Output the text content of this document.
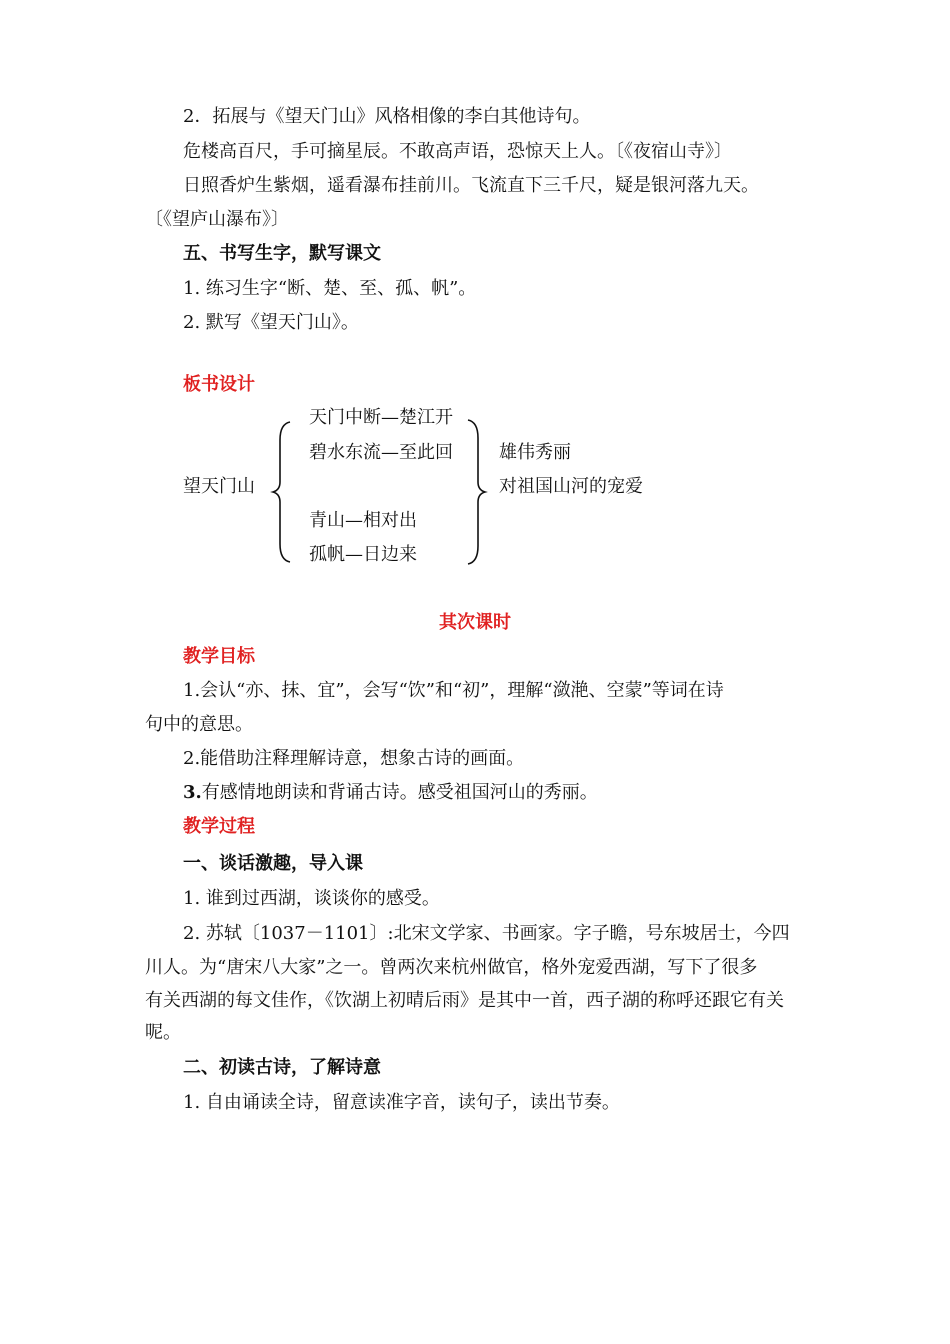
2．拓展与《望天门山》风格相像的李白其他诗句。
危楼高百尺，手可摘星辰。不敢高声语，恐惊天上人。〔《夜宿山寺》〕
日照香炉生紫烟，遥看瀑布挂前川。飞流直下三千尺，疑是银河落九天。
〔《望庐山瀑布》〕
五、书写生字，默写课文
1. 练习生字“断、楚、至、孤、帆”。
2. 默写《望天门山》。
板书设计
望天门山
天门中断—楚江开
碧水东流—至此回
青山—相对出
孤帆—日边来
雄伟秀丽
对祖国山河的宠爱
其次课时
教学目标
1.会认“亦、抹、宜”，会写“饮”和“初”，理解“潋滟、空蒙”等词在诗
句中的意思。
2.能借助注释理解诗意，想象古诗的画面。
3.有感情地朗读和背诵古诗。感受祖国河山的秀丽。
教学过程
一、谈话激趣，导入课
1. 谁到过西湖，谈谈你的感受。
2. 苏轼〔1037－1101〕:北宋文学家、书画家。字子瞻，号东坡居士，今四
川人。为“唐宋八大家”之一。曾两次来杭州做官，格外宠爱西湖，写下了很多
有关西湖的每文佳作，《饮湖上初晴后雨》是其中一首，西子湖的称呼还跟它有关
呢。
二、初读古诗，了解诗意
1. 自由诵读全诗，留意读准字音，读句子，读出节奏。
